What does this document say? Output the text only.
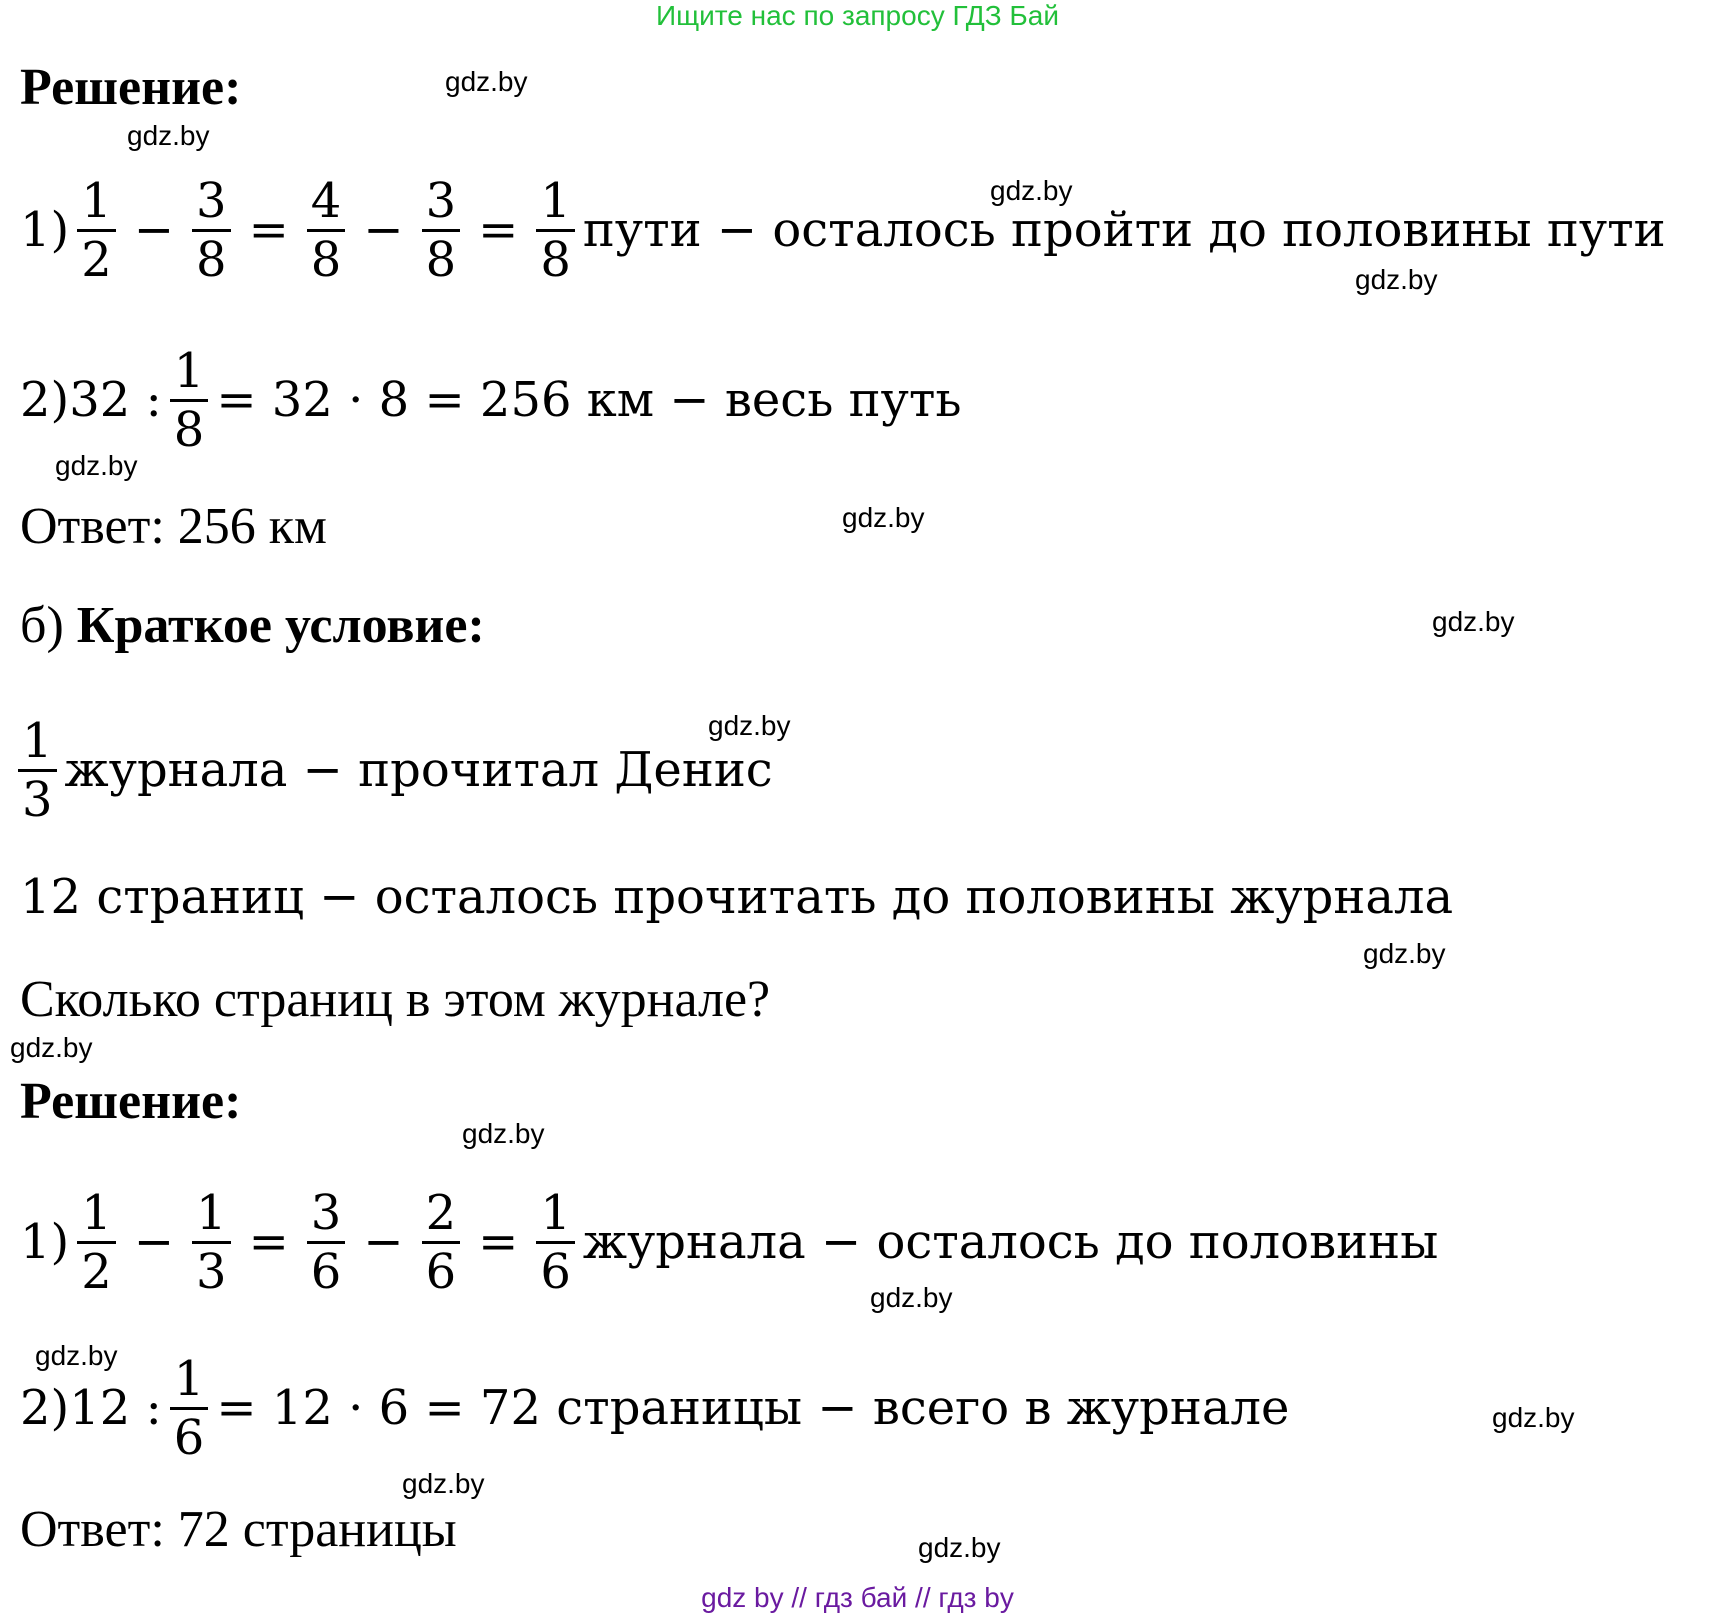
Ищите нас по запросу ГДЗ Бай
Решение:
$1) \frac{1}{2} - \frac{3}{8} = \frac{4}{8} - \frac{3}{8} = \frac{1}{8}$ пути − осталось пройти до половины пути
2)32 : $\frac{1}{8} = 32 \cdot 8 = 256$ км − весь путь
Ответ: 256 км
б) Краткое условие:
$\frac{1}{3}$ журнала − прочитал Денис
12 страниц − осталось прочитать до половины журнала
Сколько страниц в этом журнале?
Решение:
$1) \frac{1}{2} - \frac{1}{3} = \frac{3}{6} - \frac{2}{6} = \frac{1}{6}$ журнала − осталось до половины
2)12 : $\frac{1}{6} = 12 \cdot 6 = 72$ страницы − всего в журнале
Ответ: 72 страницы
gdz.by
gdz.by
gdz.by
gdz.by
gdz.by
gdz.by
gdz.by
gdz.by
gdz.by
gdz.by
gdz.by
gdz.by
gdz.by
gdz.by
gdz.by
gdz.by
gdz by // гдз бай // гдз by
